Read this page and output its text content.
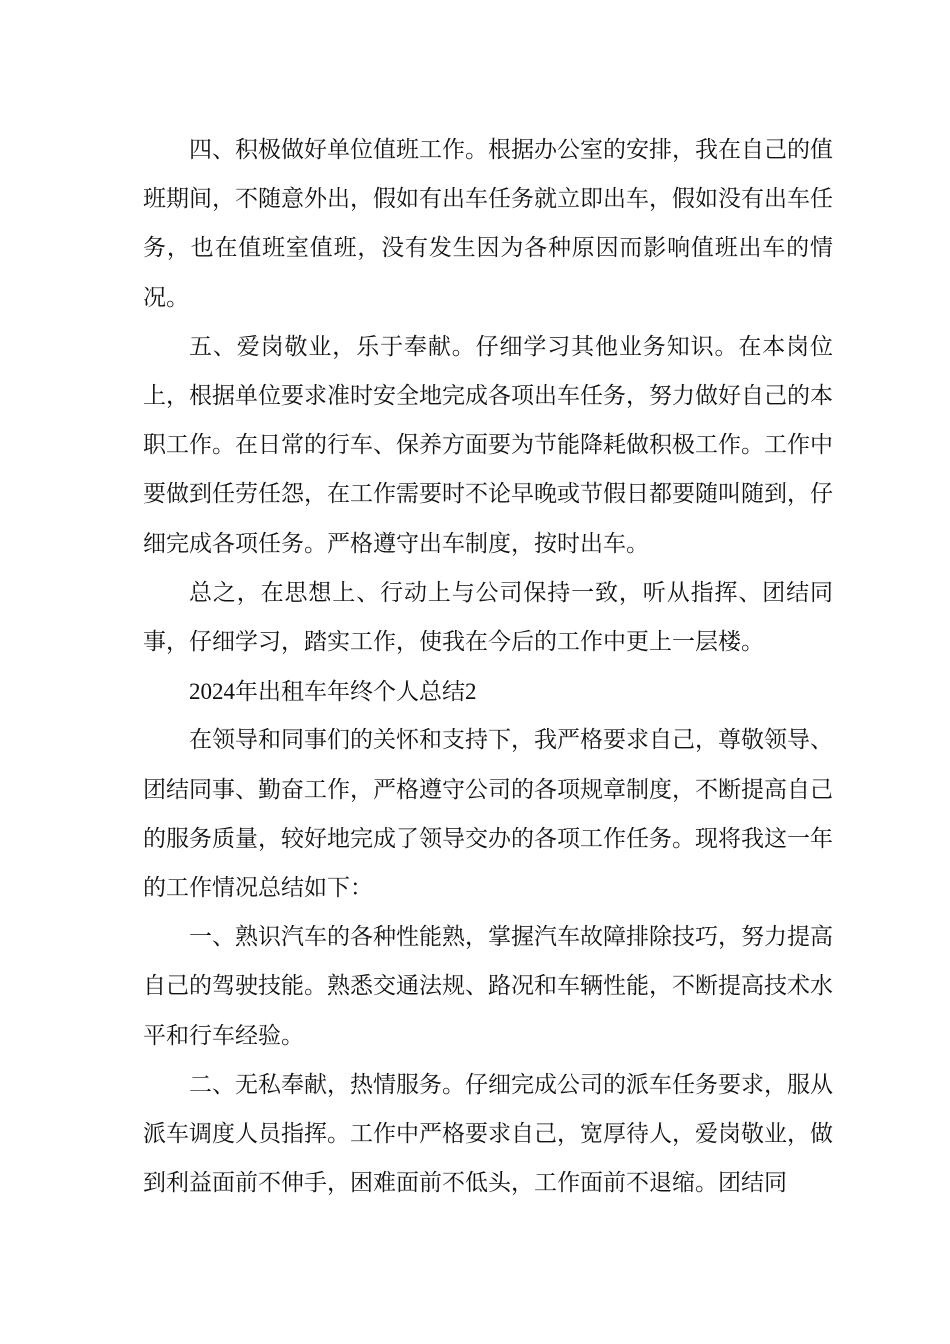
四、积极做好单位值班工作。根据办公室的安排，我在自己的值班期间，不随意外出，假如有出车任务就立即出车，假如没有出车任务，也在值班室值班，没有发生因为各种原因而影响值班出车的情况。

五、爱岗敬业，乐于奉献。仔细学习其他业务知识。在本岗位上，根据单位要求准时安全地完成各项出车任务，努力做好自己的本职工作。在日常的行车、保养方面要为节能降耗做积极工作。工作中要做到任劳任怨，在工作需要时不论早晚或节假日都要随叫随到，仔细完成各项任务。严格遵守出车制度，按时出车。

总之，在思想上、行动上与公司保持一致，听从指挥、团结同事，仔细学习，踏实工作，使我在今后的工作中更上一层楼。

2024年出租车年终个人总结2

在领导和同事们的关怀和支持下，我严格要求自己，尊敬领导、团结同事、勤奋工作，严格遵守公司的各项规章制度，不断提高自己的服务质量，较好地完成了领导交办的各项工作任务。现将我这一年的工作情况总结如下：

一、熟识汽车的各种性能熟，掌握汽车故障排除技巧，努力提高自己的驾驶技能。熟悉交通法规、路况和车辆性能，不断提高技术水平和行车经验。

二、无私奉献，热情服务。仔细完成公司的派车任务要求，服从派车调度人员指挥。工作中严格要求自己，宽厚待人，爱岗敬业，做到利益面前不伸手，困难面前不低头，工作面前不退缩。团结同
